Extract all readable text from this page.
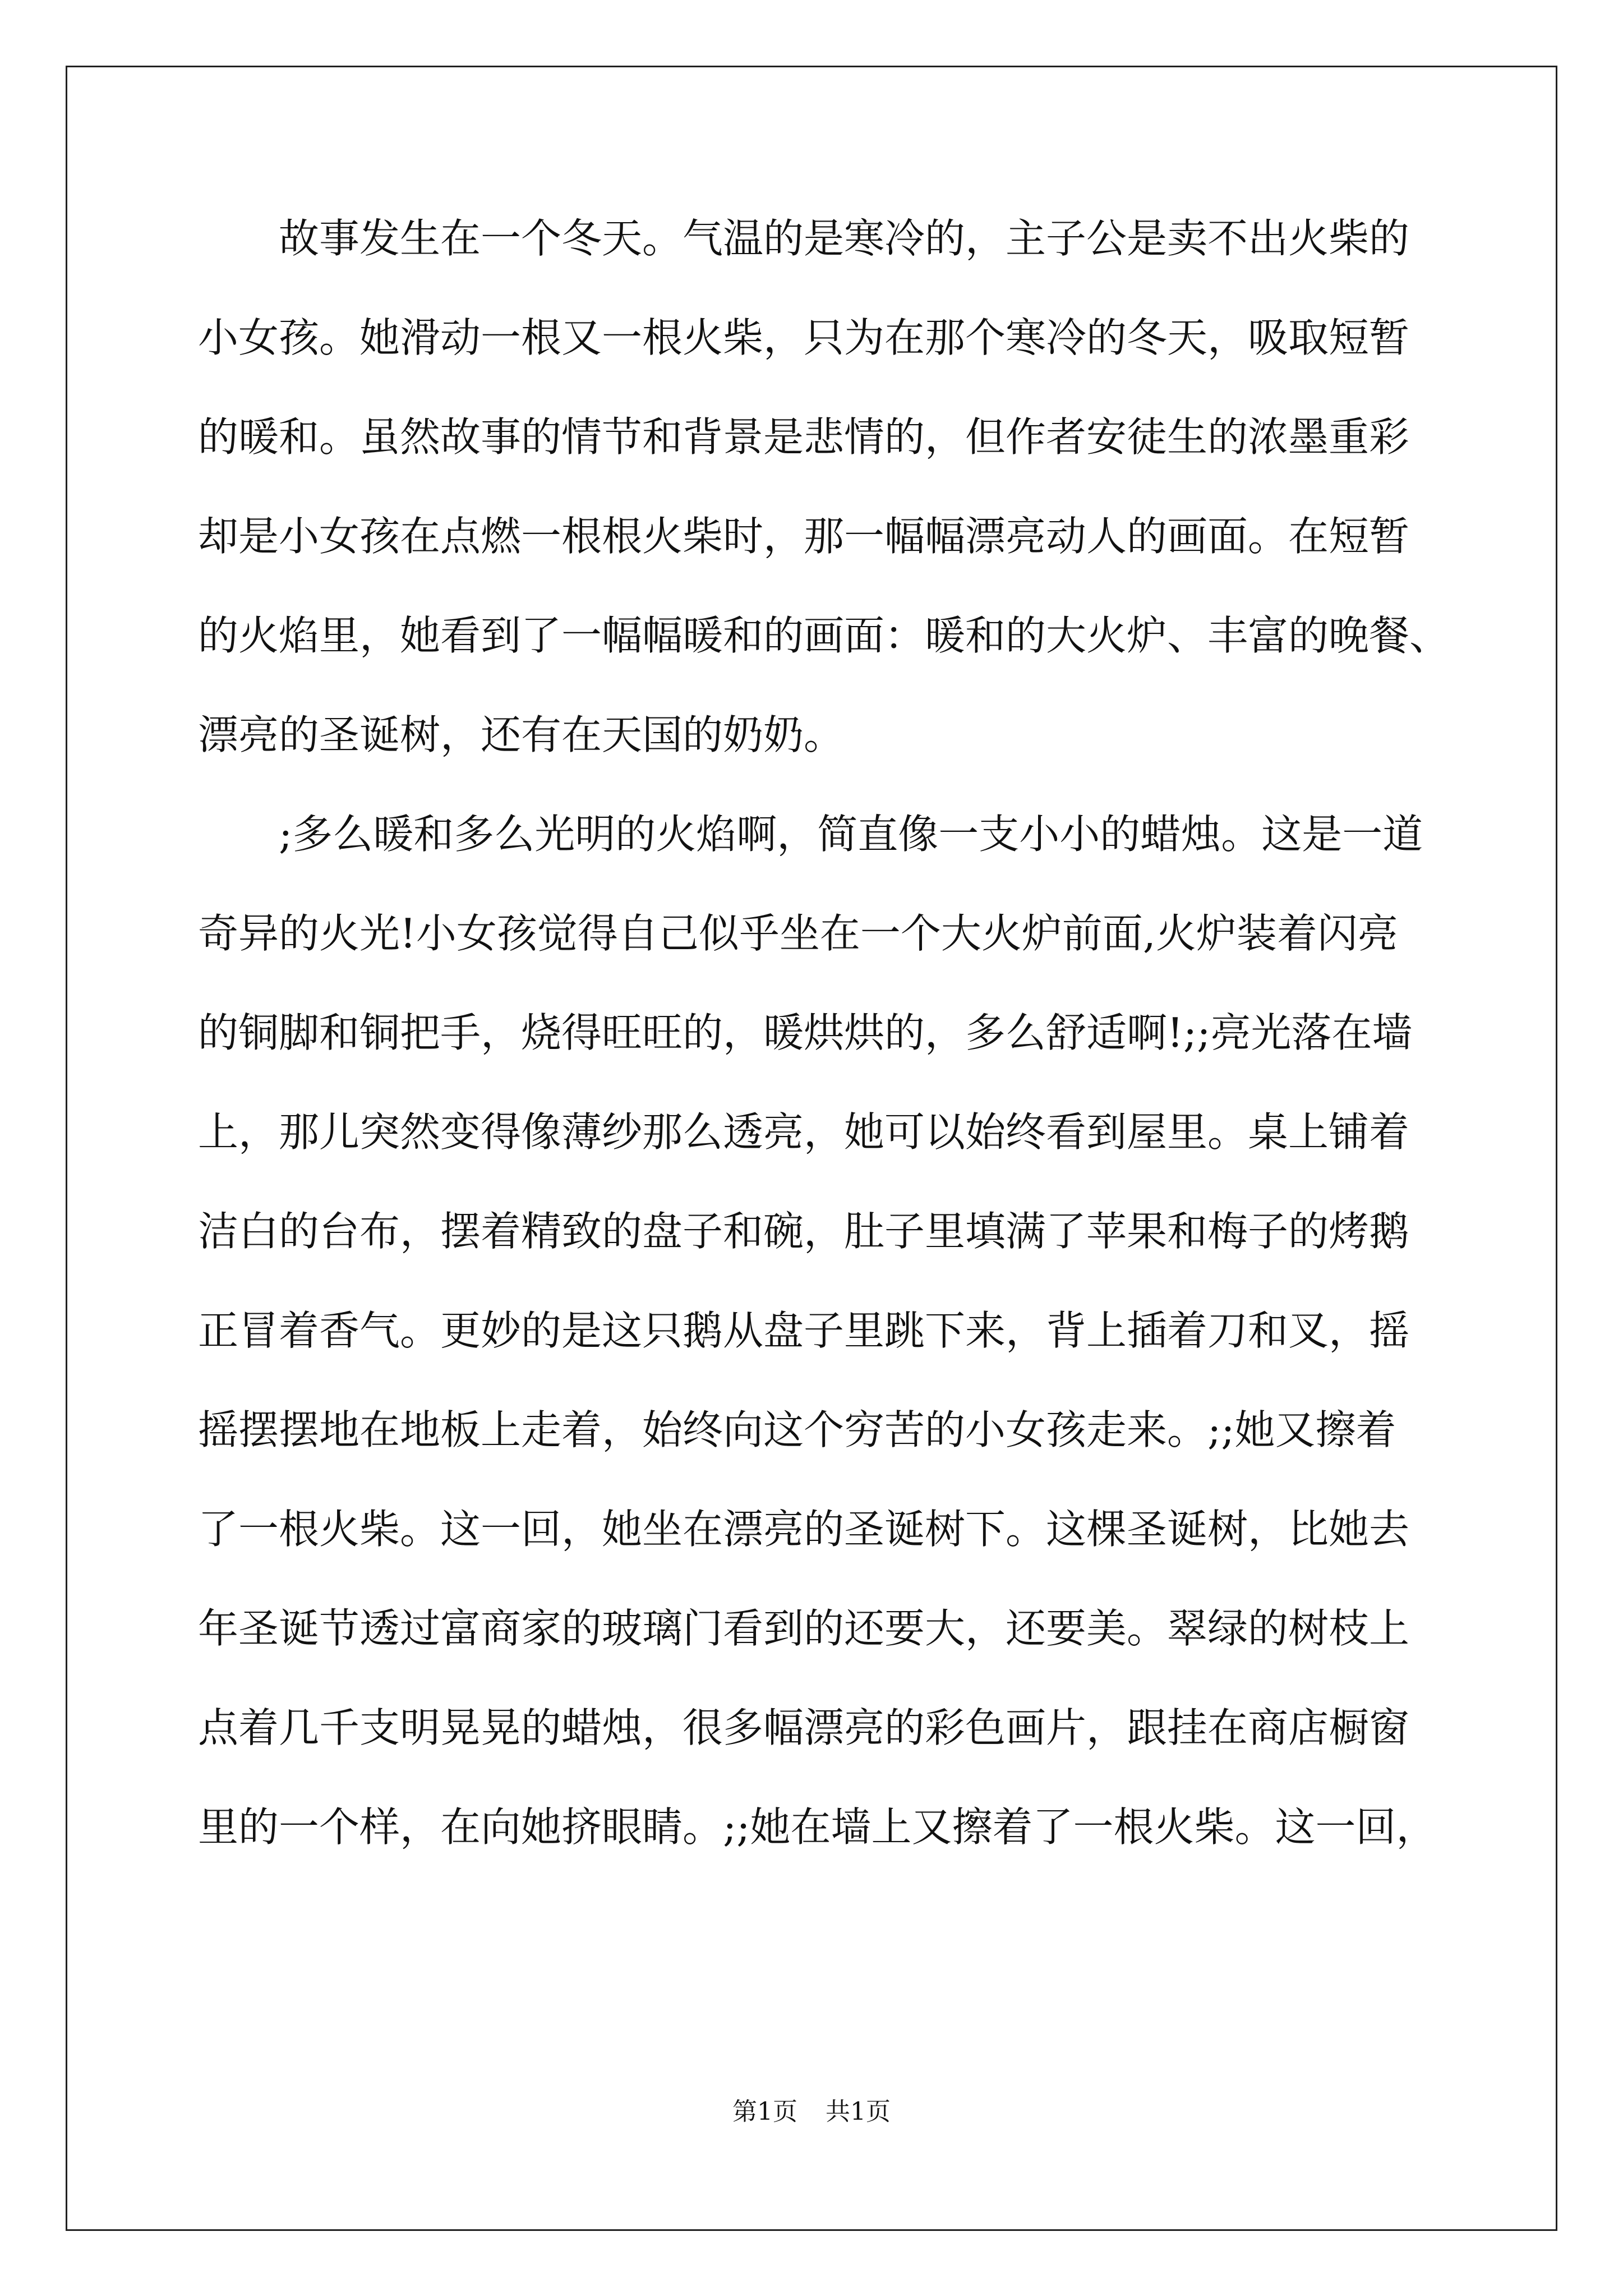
故事发生在一个冬天。气温的是寒冷的，主子公是卖不出火柴的
小女孩。她滑动一根又一根火柴，只为在那个寒冷的冬天，吸取短暂
的暖和。虽然故事的情节和背景是悲情的，但作者安徒生的浓墨重彩
却是小女孩在点燃一根根火柴时，那一幅幅漂亮动人的画面。在短暂
的火焰里，她看到了一幅幅暖和的画面：暖和的大火炉、丰富的晚餐、
漂亮的圣诞树，还有在天国的奶奶。
;多么暖和多么光明的火焰啊，简直像一支小小的蜡烛。这是一道
奇异的火光!小女孩觉得自己似乎坐在一个大火炉前面,火炉装着闪亮
的铜脚和铜把手，烧得旺旺的，暖烘烘的，多么舒适啊!;;亮光落在墙
上，那儿突然变得像薄纱那么透亮，她可以始终看到屋里。桌上铺着
洁白的台布，摆着精致的盘子和碗，肚子里填满了苹果和梅子的烤鹅
正冒着香气。更妙的是这只鹅从盘子里跳下来，背上插着刀和叉，摇
摇摆摆地在地板上走着，始终向这个穷苦的小女孩走来。;;她又擦着
了一根火柴。这一回，她坐在漂亮的圣诞树下。这棵圣诞树，比她去
年圣诞节透过富商家的玻璃门看到的还要大，还要美。翠绿的树枝上
点着几千支明晃晃的蜡烛，很多幅漂亮的彩色画片，跟挂在商店橱窗
里的一个样，在向她挤眼睛。;;她在墙上又擦着了一根火柴。这一回，
第1页 共1页
